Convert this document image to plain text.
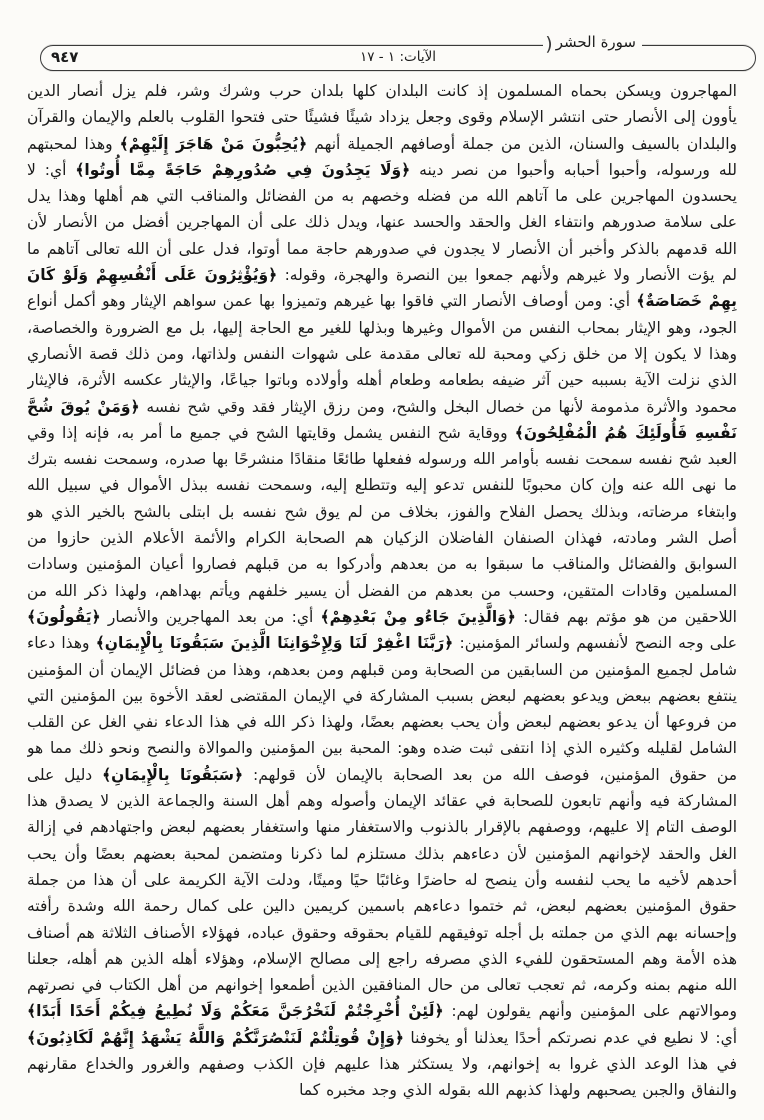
سورة الحشر(
٩٤٧	الآيات: ١ - ١٧
المهاجرون ويسكن بحماه المسلمون إذ كانت البلدان كلها بلدان حرب وشرك وشر، فلم يزل أنصار الدين يأوون إلى الأنصار حتى انتشر الإسلام وقوى وجعل يزداد شيئًا فشيئًا حتى فتحوا القلوب بالعلم والإيمان والقرآن والبلدان بالسيف والسنان، الذين من جملة أوصافهم الجميلة أنهم ﴿يُحِبُّونَ مَنْ هَاجَرَ إِلَيْهِمْ﴾ وهذا لمحبتهم لله ورسوله، وأحبوا أحبابه وأحبوا من نصر دينه ﴿وَلَا يَجِدُونَ فِي صُدُورِهِمْ حَاجَةً مِمَّا أُوتُوا﴾ أي: لا يحسدون المهاجرين على ما آتاهم الله من فضله وخصهم به من الفضائل والمناقب التي هم أهلها وهذا يدل على سلامة صدورهم وانتفاء الغل والحقد والحسد عنها، ويدل ذلك على أن المهاجرين أفضل من الأنصار لأن الله قدمهم بالذكر وأخبر أن الأنصار لا يجدون في صدورهم حاجة مما أوتوا، فدل على أن الله تعالى آتاهم ما لم يؤت الأنصار ولا غيرهم ولأنهم جمعوا بين النصرة والهجرة، وقوله: ﴿وَيُؤْثِرُونَ عَلَى أَنْفُسِهِمْ وَلَوْ كَانَ بِهِمْ خَصَاصَةٌ﴾ أي: ومن أوصاف الأنصار التي فاقوا بها غيرهم وتميزوا بها عمن سواهم الإيثار وهو أكمل أنواع الجود، وهو الإيثار بمحاب النفس من الأموال وغيرها وبذلها للغير مع الحاجة إليها، بل مع الضرورة والخصاصة، وهذا لا يكون إلا من خلق زكي ومحبة لله تعالى مقدمة على شهوات النفس ولذاتها، ومن ذلك قصة الأنصاري الذي نزلت الآية بسببه حين آثر ضيفه بطعامه وطعام أهله وأولاده وباتوا جياعًا، والإيثار عكسه الأثرة، فالإيثار محمود والأثرة مذمومة لأنها من خصال البخل والشح، ومن رزق الإيثار فقد وقي شح نفسه ﴿وَمَنْ يُوقَ شُحَّ نَفْسِهِ فَأُولَئِكَ هُمُ الْمُفْلِحُونَ﴾ ووقاية شح النفس يشمل وقايتها الشح في جميع ما أمر به، فإنه إذا وقي العبد شح نفسه سمحت نفسه بأوامر الله ورسوله ففعلها طائعًا منقادًا منشرحًا بها صدره، وسمحت نفسه بترك ما نهى الله عنه وإن كان محبوبًا للنفس تدعو إليه وتتطلع إليه، وسمحت نفسه ببذل الأموال في سبيل الله وابتغاء مرضاته، وبذلك يحصل الفلاح والفوز، بخلاف من لم يوق شح نفسه بل ابتلى بالشح بالخير الذي هو أصل الشر ومادته، فهذان الصنفان الفاضلان الزكيان هم الصحابة الكرام والأئمة الأعلام الذين حازوا من السوابق والفضائل والمناقب ما سبقوا به من بعدهم وأدركوا به من قبلهم فصاروا أعيان المؤمنين وسادات المسلمين وقادات المتقين، وحسب من بعدهم من الفضل أن يسير خلفهم ويأتم بهداهم، ولهذا ذكر الله من اللاحقين من هو مؤتم بهم فقال: ﴿وَالَّذِينَ جَاءُو مِنْ بَعْدِهِمْ﴾ أي: من بعد المهاجرين والأنصار ﴿يَقُولُونَ﴾ على وجه النصح لأنفسهم ولسائر المؤمنين: ﴿رَبَّنَا اغْفِرْ لَنَا وَلِإِخْوَانِنَا الَّذِينَ سَبَقُونَا بِالْإِيمَانِ﴾ وهذا دعاء شامل لجميع المؤمنين من السابقين من الصحابة ومن قبلهم ومن بعدهم، وهذا من فضائل الإيمان أن المؤمنين ينتفع بعضهم ببعض ويدعو بعضهم لبعض بسبب المشاركة في الإيمان المقتضى لعقد الأخوة بين المؤمنين التي من فروعها أن يدعو بعضهم لبعض وأن يحب بعضهم بعضًا، ولهذا ذكر الله في هذا الدعاء نفي الغل عن القلب الشامل لقليله وكثيره الذي إذا انتفى ثبت ضده وهو: المحبة بين المؤمنين والموالاة والنصح ونحو ذلك مما هو من حقوق المؤمنين، فوصف الله من بعد الصحابة بالإيمان لأن قولهم: ﴿سَبَقُونَا بِالْإِيمَانِ﴾ دليل على المشاركة فيه وأنهم تابعون للصحابة في عقائد الإيمان وأصوله وهم أهل السنة والجماعة الذين لا يصدق هذا الوصف التام إلا عليهم، ووصفهم بالإقرار بالذنوب والاستغفار منها واستغفار بعضهم لبعض واجتهادهم في إزالة الغل والحقد لإخوانهم المؤمنين لأن دعاءهم بذلك مستلزم لما ذكرنا ومتضمن لمحبة بعضهم بعضًا وأن يحب أحدهم لأخيه ما يحب لنفسه وأن ينصح له حاضرًا وغائبًا حيًا وميتًا، ودلت الآية الكريمة على أن هذا من جملة حقوق المؤمنين بعضهم لبعض، ثم ختموا دعاءهم باسمين كريمين دالين على كمال رحمة الله وشدة رأفته وإحسانه بهم الذي من جملته بل أجله توفيقهم للقيام بحقوقه وحقوق عباده، فهؤلاء الأصناف الثلاثة هم أصناف هذه الأمة وهم المستحقون للفيء الذي مصرفه راجع إلى مصالح الإسلام، وهؤلاء أهله الذين هم أهله، جعلنا الله منهم بمنه وكرمه، ثم تعجب تعالى من حال المنافقين الذين أطمعوا إخوانهم من أهل الكتاب في نصرتهم وموالاتهم على المؤمنين وأنهم يقولون لهم: ﴿لَئِنْ أُخْرِجْتُمْ لَنَخْرُجَنَّ مَعَكُمْ وَلَا نُطِيعُ فِيكُمْ أَحَدًا أَبَدًا﴾ أي: لا نطيع في عدم نصرتكم أحدًا يعذلنا أو يخوفنا ﴿وَإِنْ قُوتِلْتُمْ لَنَنْصُرَنَّكُمْ وَاللَّهُ يَشْهَدُ إِنَّهُمْ لَكَاذِبُونَ﴾ في هذا الوعد الذي غروا به إخوانهم، ولا يستكثر هذا عليهم فإن الكذب وصفهم والغرور والخداع مقارنهم والنفاق والجبن يصحبهم ولهذا كذبهم الله بقوله الذي وجد مخبره كما
